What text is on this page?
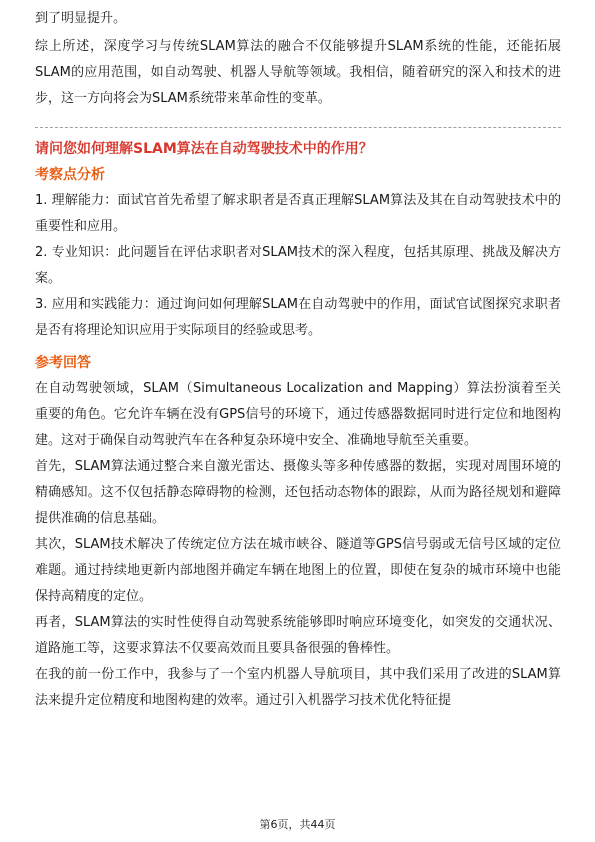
到了明显提升。

综上所述，深度学习与传统SLAM算法的融合不仅能够提升SLAM系统的性能，还能拓展SLAM的应用范围，如自动驾驶、机器人导航等领域。我相信，随着研究的深入和技术的进步，这一方向将会为SLAM系统带来革命性的变革。

请问您如何理解SLAM算法在自动驾驶技术中的作用？

考察点分析

1. 理解能力：面试官首先希望了解求职者是否真正理解SLAM算法及其在自动驾驶技术中的重要性和应用。

2. 专业知识：此问题旨在评估求职者对SLAM技术的深入程度，包括其原理、挑战及解决方案。

3. 应用和实践能力：通过询问如何理解SLAM在自动驾驶中的作用，面试官试图探究求职者是否有将理论知识应用于实际项目的经验或思考。

参考回答

在自动驾驶领域，SLAM（Simultaneous Localization and Mapping）算法扮演着至关重要的角色。它允许车辆在没有GPS信号的环境下，通过传感器数据同时进行定位和地图构建。这对于确保自动驾驶汽车在各种复杂环境中安全、准确地导航至关重要。

首先，SLAM算法通过整合来自激光雷达、摄像头等多种传感器的数据，实现对周围环境的精确感知。这不仅包括静态障碍物的检测，还包括动态物体的跟踪，从而为路径规划和避障提供准确的信息基础。

其次，SLAM技术解决了传统定位方法在城市峡谷、隧道等GPS信号弱或无信号区域的定位难题。通过持续地更新内部地图并确定车辆在地图上的位置，即使在复杂的城市环境中也能保持高精度的定位。

再者，SLAM算法的实时性使得自动驾驶系统能够即时响应环境变化，如突发的交通状况、道路施工等，这要求算法不仅要高效而且要具备很强的鲁棒性。

在我的前一份工作中，我参与了一个室内机器人导航项目，其中我们采用了改进的SLAM算法来提升定位精度和地图构建的效率。通过引入机器学习技术优化特征提

第6页，共44页
